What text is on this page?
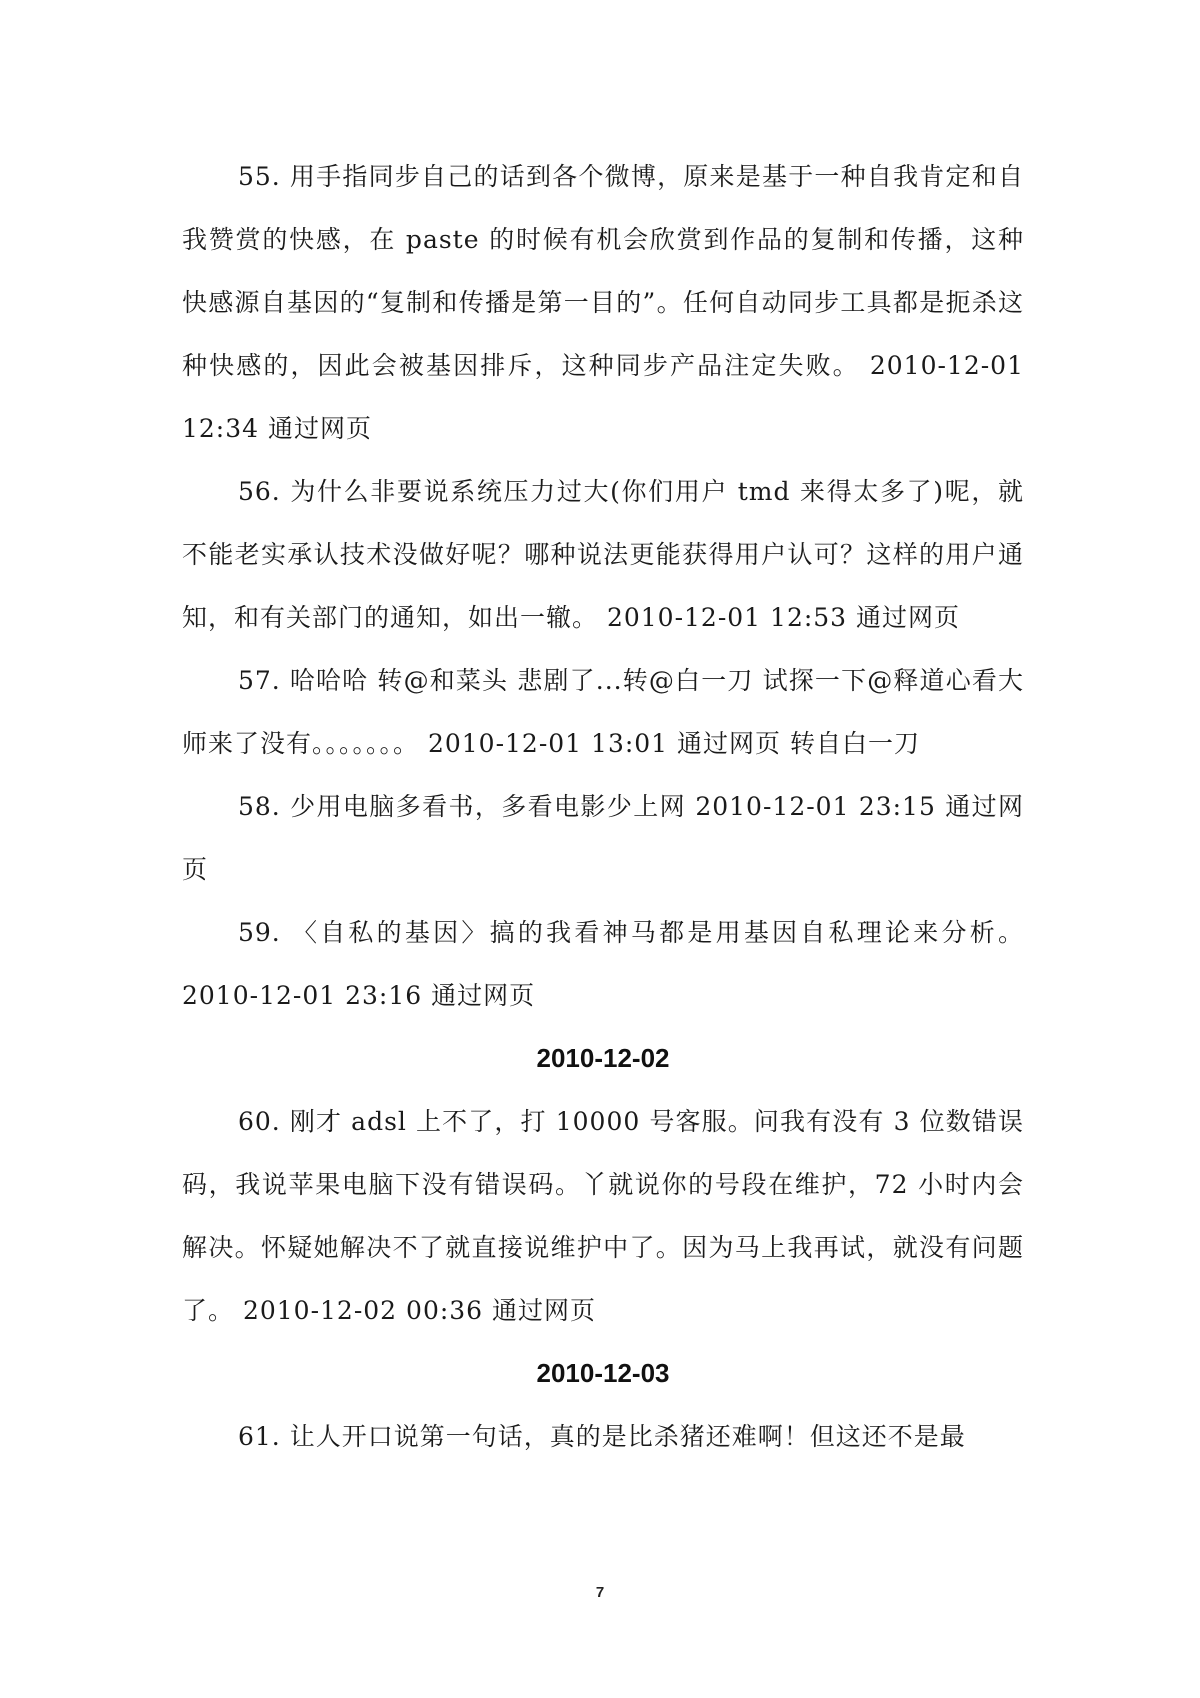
55. 用手指同步自己的话到各个微博，原来是基于一种自我肯定和自我赞赏的快感，在 paste 的时候有机会欣赏到作品的复制和传播，这种快感源自基因的“复制和传播是第一目的”。任何自动同步工具都是扼杀这种快感的，因此会被基因排斥，这种同步产品注定失败。 2010-12-01 12:34 通过网页

56. 为什么非要说系统压力过大(你们用户 tmd 来得太多了)呢，就不能老实承认技术没做好呢？哪种说法更能获得用户认可？这样的用户通知，和有关部门的通知，如出一辙。 2010-12-01 12:53 通过网页

57. 哈哈哈 转@和菜头 悲剧了...转@白一刀 试探一下@释道心看大师来了没有。。。。。。。 2010-12-01 13:01 通过网页 转自白一刀

58. 少用电脑多看书，多看电影少上网 2010-12-01 23:15 通过网页

59. 〈自私的基因〉搞的我看神马都是用基因自私理论来分析。 2010-12-01 23:16 通过网页

2010-12-02

60. 刚才 adsl 上不了，打 10000 号客服。问我有没有 3 位数错误码，我说苹果电脑下没有错误码。丫就说你的号段在维护，72 小时内会解决。怀疑她解决不了就直接说维护中了。因为马上我再试，就没有问题了。 2010-12-02 00:36 通过网页

2010-12-03

61. 让人开口说第一句话，真的是比杀猪还难啊！但这还不是最

7
